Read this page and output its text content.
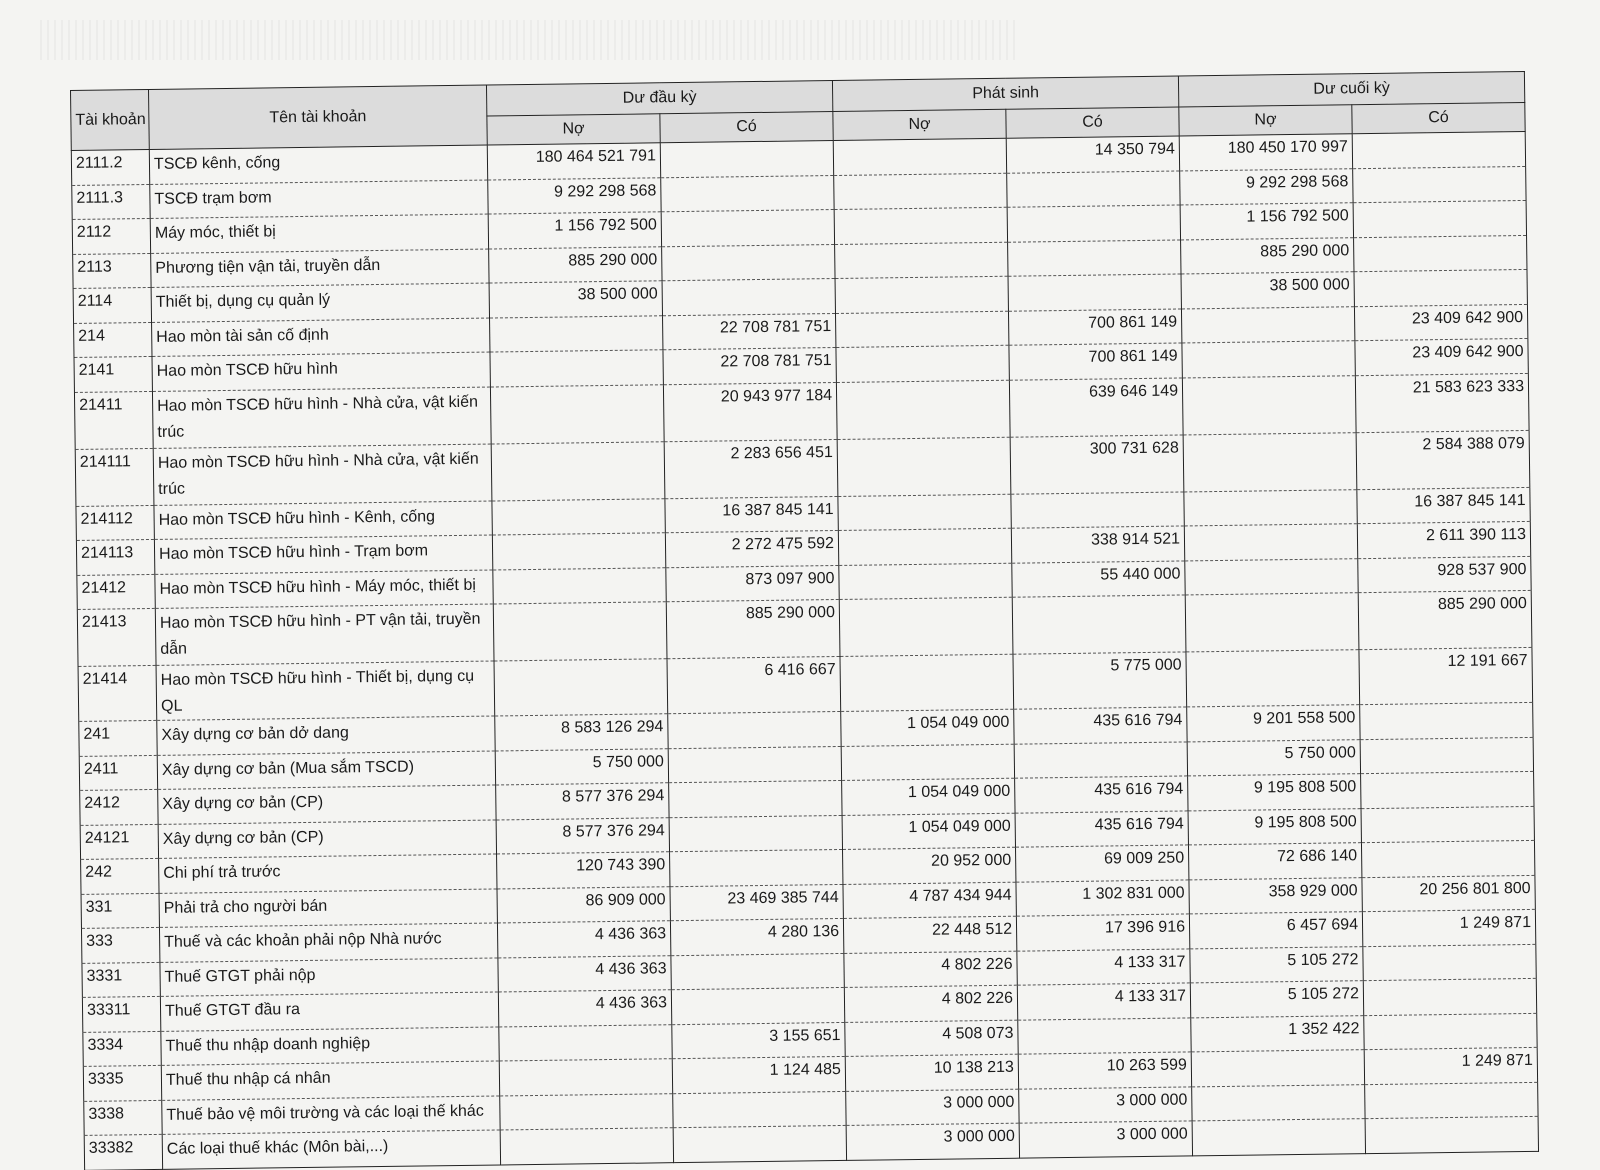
Tài khoản	Tên tài khoản	Dư đầu kỳ		Phát sinh		Dư cuối kỳ	
		Nợ	Có	Nợ	Có	Nợ	Có
2111.2	TSCĐ kênh, cống	180 464 521 791			14 350 794	180 450 170 997	
2111.3	TSCĐ trạm bơm	9 292 298 568				9 292 298 568	
2112	Máy móc, thiết bị	1 156 792 500				1 156 792 500	
2113	Phương tiện vận tải, truyền dẫn	885 290 000				885 290 000	
2114	Thiết bị, dụng cụ quản lý	38 500 000				38 500 000	
214	Hao mòn tài sản cố định		22 708 781 751		700 861 149		23 409 642 900
2141	Hao mòn TSCĐ hữu hình		22 708 781 751		700 861 149		23 409 642 900
21411	Hao mòn TSCĐ hữu hình - Nhà cửa, vật kiến trúc		20 943 977 184		639 646 149		21 583 623 333
214111	Hao mòn TSCĐ hữu hình - Nhà cửa, vật kiến trúc		2 283 656 451		300 731 628		2 584 388 079
214112	Hao mòn TSCĐ hữu hình - Kênh, cống		16 387 845 141				16 387 845 141
214113	Hao mòn TSCĐ hữu hình - Trạm bơm		2 272 475 592		338 914 521		2 611 390 113
21412	Hao mòn TSCĐ hữu hình - Máy móc, thiết bị		873 097 900		55 440 000		928 537 900
21413	Hao mòn TSCĐ hữu hình - PT vận tải, truyền dẫn		885 290 000				885 290 000
21414	Hao mòn TSCĐ hữu hình - Thiết bị, dụng cụ QL		6 416 667		5 775 000		12 191 667
241	Xây dựng cơ bản dở dang	8 583 126 294		1 054 049 000	435 616 794	9 201 558 500	
2411	Xây dựng cơ bản (Mua sắm TSCD)	5 750 000				5 750 000	
2412	Xây dựng cơ bản (CP)	8 577 376 294		1 054 049 000	435 616 794	9 195 808 500	
24121	Xây dựng cơ bản (CP)	8 577 376 294		1 054 049 000	435 616 794	9 195 808 500	
242	Chi phí trả trước	120 743 390		20 952 000	69 009 250	72 686 140	
331	Phải trả cho người bán	86 909 000	23 469 385 744	4 787 434 944	1 302 831 000	358 929 000	20 256 801 800
333	Thuế và các khoản phải nộp Nhà nước	4 436 363	4 280 136	22 448 512	17 396 916	6 457 694	1 249 871
3331	Thuế GTGT phải nộp	4 436 363		4 802 226	4 133 317	5 105 272	
33311	Thuế GTGT đầu ra	4 436 363		4 802 226	4 133 317	5 105 272	
3334	Thuế thu nhập doanh nghiệp		3 155 651	4 508 073		1 352 422	
3335	Thuế thu nhập cá nhân		1 124 485	10 138 213	10 263 599		1 249 871
3338	Thuế bảo vệ môi trường và các loại thế khác			3 000 000	3 000 000		
33382	Các loại thuế khác (Môn bài,...)			3 000 000	3 000 000		
